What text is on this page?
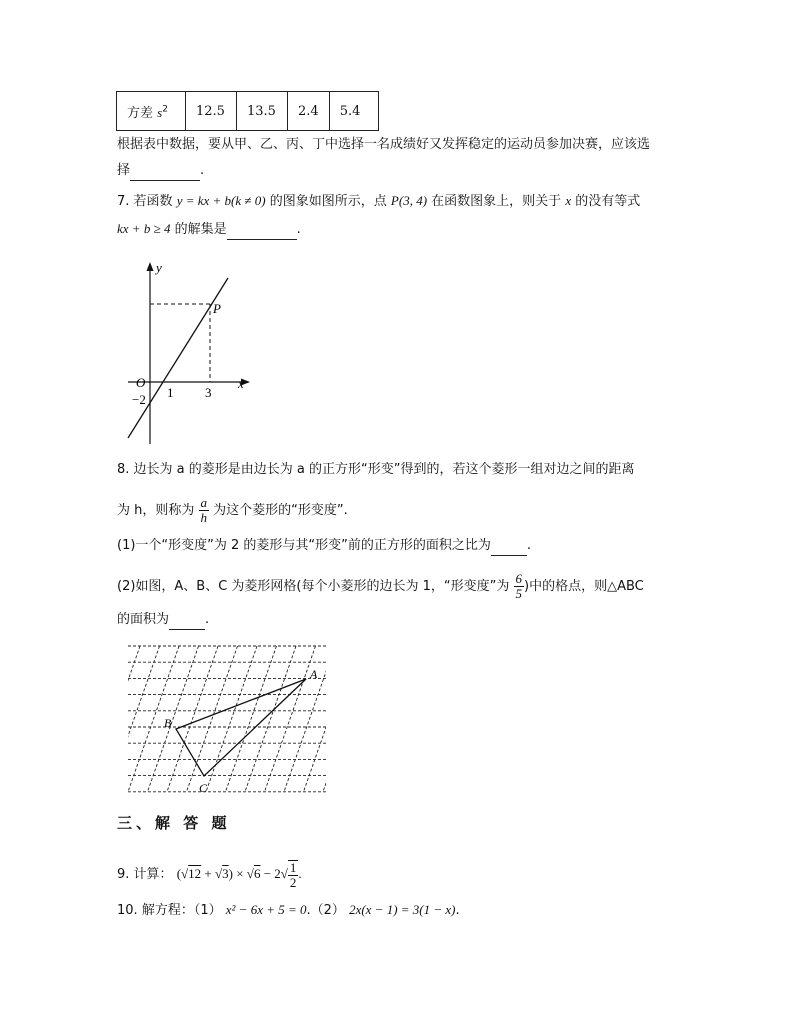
方差 $s^2$	12.5	13.5	2.4	5.4
根据表中数据，要从甲、乙、丙、丁中选择一名成绩好又发挥稳定的运动员参加决赛，应该选
择	.
7. 若函数 y = kx + b(k ≠ 0) 的图象如图所示，点 P(3, 4) 在函数图象上，则关于 x 的没有等式
kx + b ≥ 4 的解集是	.
y
x
O
P
1 3
−2
8. 边长为 a 的菱形是由边长为 a 的正方形“形变”得到的，若这个菱形一组对边之间的距离
为 h，则称为 $\frac{a}{h}$ 为这个菱形的“形变度”.
(1)一个“形变度”为 2 的菱形与其“形变”前的正方形的面积之比为	.
(2)如图，A、B、C 为菱形网格(每个小菱形的边长为 1，“形变度”为 $\frac{6}{5}$ )中的格点，则△ABC
的面积为	.
A
B
C
三、解 答 题
9. 计算： $(√12 + √3) \times √6 - 2√ \frac{1}{2}$ .
10. 解方程：（1） x² − 6x + 5 = 0.（2） 2x(x − 1) = 3(1 − x).
